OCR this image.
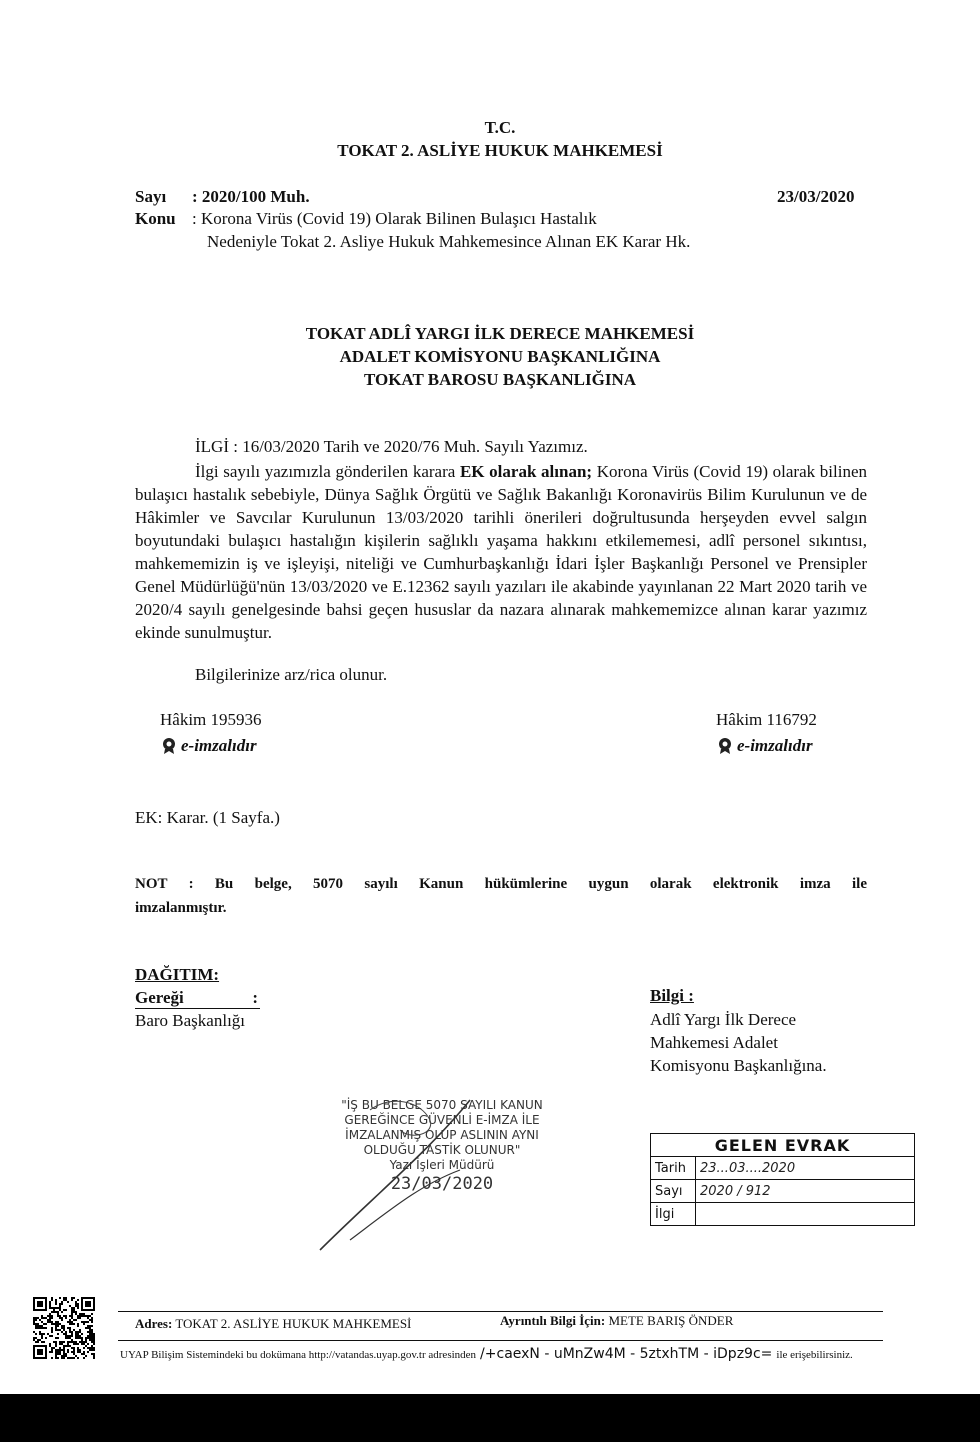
T.C.
TOKAT 2. ASLİYE HUKUK MAHKEMESİ
Sayı : 2020/100 Muh.	23/03/2020
Konu : Korona Virüs (Covid 19) Olarak Bilinen Bulaşıcı Hastalık
Nedeniyle Tokat 2. Asliye Hukuk Mahkemesince Alınan EK Karar Hk.
TOKAT ADLÎ YARGI İLK DERECE MAHKEMESİ
ADALET KOMİSYONU BAŞKANLIĞINA
TOKAT BAROSU BAŞKANLIĞINA
İLGİ : 16/03/2020 Tarih ve 2020/76 Muh. Sayılı Yazımız.

İlgi sayılı yazımızla gönderilen karara EK olarak alınan; Korona Virüs (Covid 19) olarak bilinen bulaşıcı hastalık sebebiyle, Dünya Sağlık Örgütü ve Sağlık Bakanlığı Koronavirüs Bilim Kurulunun ve de Hâkimler ve Savcılar Kurulunun 13/03/2020 tarihli önerileri doğrultusunda herşeyden evvel salgın boyutundaki bulaşıcı hastalığın kişilerin sağlıklı yaşama hakkını etkilememesi, adlî personel sıkıntısı, mahkememizin iş ve işleyişi, niteliği ve Cumhurbaşkanlığı İdari İşler Başkanlığı Personel ve Prensipler Genel Müdürlüğü'nün 13/03/2020 ve E.12362 sayılı yazıları ile akabinde yayınlanan 22 Mart 2020 tarih ve 2020/4 sayılı genelgesinde bahsi geçen hususlar da nazara alınarak mahkememizce alınan karar yazımız ekinde sunulmuştur.

Bilgilerinize arz/rica olunur.
Hâkim 195936
e-imzalıdır
Hâkim 116792
e-imzalıdır
EK: Karar. (1 Sayfa.)
NOT : Bu belge, 5070 sayılı Kanun hükümlerine uygun olarak elektronik imza ile
imzalanmıştır.
DAĞITIM:
Gereği	:
Baro Başkanlığı
Bilgi :
Adlî Yargı İlk Derece
Mahkemesi Adalet
Komisyonu Başkanlığına.
"İŞ BU BELGE 5070 SAYILI KANUN
GEREĞİNCE GÜVENLİ E-İMZA İLE
İMZALANMIŞ OLUP ASLININ AYNI
OLDUĞU TASTİK OLUNUR"
Yazı İşleri Müdürü
23/03/2020
GELEN EVRAK	
Tarih	23...03....2020
Sayı	2020 / 912
İlgi	
Adres: TOKAT 2. ASLİYE HUKUK MAHKEMESİ	Ayrıntılı Bilgi İçin: METE BARIŞ ÖNDER
UYAP Bilişim Sistemindeki bu dokümana http://vatandas.uyap.gov.tr adresinden /+caexN - uMnZw4M - 5ztxhTM - iDpz9c= ile erişebilirsiniz.
